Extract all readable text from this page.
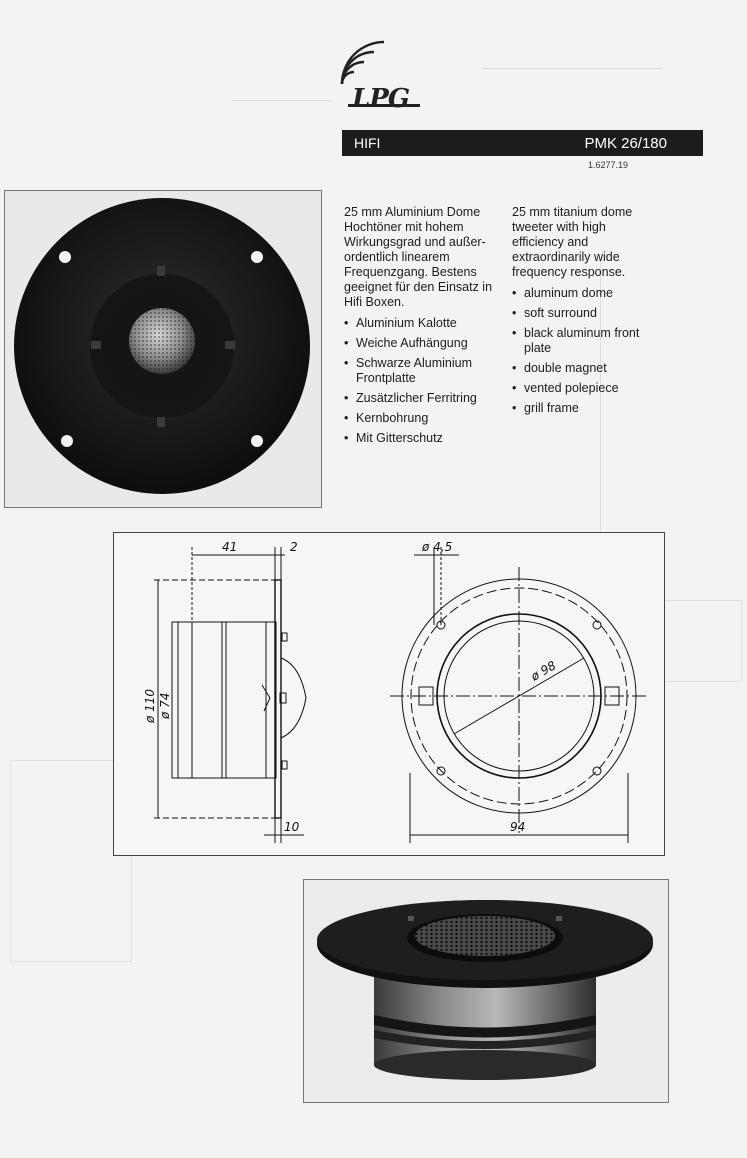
LPG
HIFI	PMK 26/180
1.6277.19

25 mm Aluminium Dome Hochtöner mit hohem Wirkungsgrad und außer-ordentlich linearem Frequenzgang. Bestens geeignet für den Einsatz in Hifi Boxen.

• Aluminium Kalotte
• Weiche Aufhängung
• Schwarze Aluminium Frontplatte
• Zusätzlicher Ferritring
• Kernbohrung
• Mit Gitterschutz

25 mm titanium dome tweeter with high efficiency and extraordinarily wide frequency response.

• aluminum dome
• soft surround
• black aluminum front plate
• double magnet
• vented polepiece
• grill frame
41	2
ø 110 ø 74
10
ø 4,5
ø 98
94
